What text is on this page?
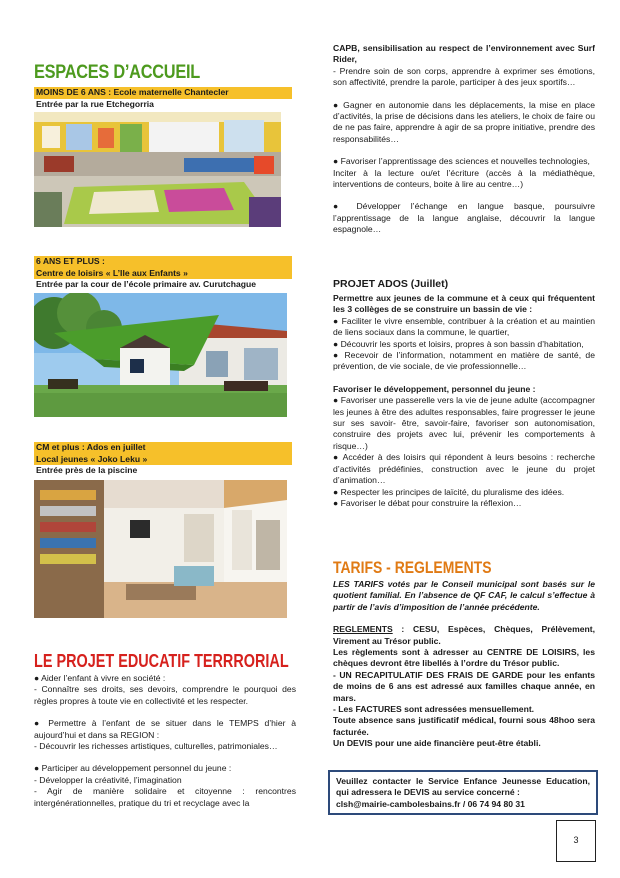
ESPACES D’ACCUEIL
MOINS DE 6 ANS : Ecole maternelle Chantecler
Entrée par la rue Etchegorria
6 ANS ET PLUS :
Centre de loisirs « L’Ile aux Enfants »
Entrée par la cour de l’école primaire av. Curutchague
CM et plus : Ados en juillet
Local jeunes « Joko Leku »
Entrée près de la piscine
LE PROJET EDUCATIF TERRRORIAL
● Aider l’enfant à vivre en société :
- Connaître ses droits, ses devoirs, comprendre le pourquoi des règles propres à toute vie en collectivité et les respecter.
● Permettre à l’enfant de se situer dans le TEMPS d’hier à aujourd’hui et dans sa REGION :
- Découvrir les richesses artistiques, culturelles, patrimoniales…
● Participer au développement personnel du jeune :
- Développer la créativité, l’imagination
- Agir de manière solidaire et citoyenne : rencontres intergénérationnelles, pratique du tri et recyclage avec la
CAPB, sensibilisation au respect de l’environnement avec Surf Rider,
- Prendre soin de son corps, apprendre à exprimer ses émotions, son affectivité, prendre la parole, participer à des jeux sportifs…
● Gagner en autonomie dans les déplacements, la mise en place d’activités, la prise de décisions dans les ateliers, le choix de faire ou de ne pas faire, apprendre à agir de sa propre initiative, prendre des responsabilités…
● Favoriser l’apprentissage des sciences et nouvelles technologies,
Inciter à la lecture ou/et l’écriture (accès à la médiathèque, interventions de conteurs, boite à lire au centre…)
● Développer l’échange en langue basque, poursuivre l’apprentissage de la langue anglaise, découvrir la langue espagnole…
PROJET ADOS (Juillet)
Permettre aux jeunes de la commune et à ceux qui fréquentent les 3 collèges de se construire un bassin de vie :
● Faciliter le vivre ensemble, contribuer à la création et au maintien de liens sociaux dans la commune, le quartier,
● Découvrir les sports et loisirs, propres à son bassin d’habitation,
● Recevoir de l’information, notamment en matière de santé, de prévention, de vie sociale, de vie professionnelle…
Favoriser le développement, personnel du jeune :
● Favoriser une passerelle vers la vie de jeune adulte (accompagner les jeunes à être des adultes responsables, faire progresser le jeune sur ses savoir- être, savoir-faire, favoriser son autonomisation, construire des projets avec lui, prévenir les comportements à risque…)
● Accéder à des loisirs qui répondent à leurs besoins : recherche d’activités prédéfinies, construction avec le jeune du projet d’animation…
● Respecter les principes de laïcité, du pluralisme des idées.
● Favoriser le débat pour construire la réflexion…
TARIFS - REGLEMENTS
LES TARIFS votés par le Conseil municipal sont basés sur le quotient familial. En l’absence de QF CAF, le calcul s’effectue à partir de l’avis d’imposition de l’année précédente.
REGLEMENTS : CESU, Espèces, Chèques, Prélèvement, Virement au Trésor public.
Les règlements sont à adresser au CENTRE DE LOISIRS, les chèques devront être libellés à l’ordre du Trésor public.
- UN RECAPITULATIF DES FRAIS DE GARDE pour les enfants de moins de 6 ans est adressé aux familles chaque année, en mars.
- Les FACTURES sont adressées mensuellement.
Toute absence sans justificatif médical, fourni sous 48hoo sera facturée.
Un DEVIS pour une aide financière peut-être établi.
Veuillez contacter le Service Enfance Jeunesse Education, qui adressera le DEVIS au service concerné :
clsh@mairie-cambolesbains.fr / 06 74 94 80 31
3
